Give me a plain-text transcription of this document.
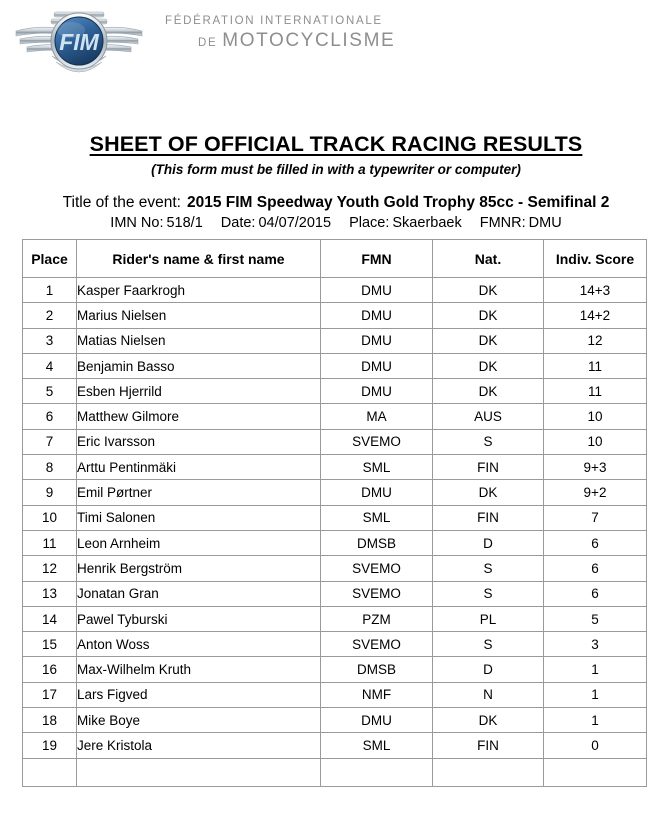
FIM
FÉDÉRATION INTERNATIONALE
DE MOTOCYCLISME
SHEET OF OFFICIAL TRACK RACING RESULTS
(This form must be filled in with a typewriter or computer)
Title of the event: 2015 FIM Speedway Youth Gold Trophy 85cc - Semifinal 2
IMN No: 518/1 Date: 04/07/2015 Place: Skaerbaek FMNR: DMU
Place	Rider's name & first name	FMN	Nat.	Indiv. Score
1	Kasper Faarkrogh	DMU	DK	14+3
2	Marius Nielsen	DMU	DK	14+2
3	Matias Nielsen	DMU	DK	12
4	Benjamin Basso	DMU	DK	11
5	Esben Hjerrild	DMU	DK	11
6	Matthew Gilmore	MA	AUS	10
7	Eric Ivarsson	SVEMO	S	10
8	Arttu Pentinmäki	SML	FIN	9+3
9	Emil Pørtner	DMU	DK	9+2
10	Timi Salonen	SML	FIN	7
11	Leon Arnheim	DMSB	D	6
12	Henrik Bergström	SVEMO	S	6
13	Jonatan Gran	SVEMO	S	6
14	Pawel Tyburski	PZM	PL	5
15	Anton Woss	SVEMO	S	3
16	Max-Wilhelm Kruth	DMSB	D	1
17	Lars Figved	NMF	N	1
18	Mike Boye	DMU	DK	1
19	Jere Kristola	SML	FIN	0
